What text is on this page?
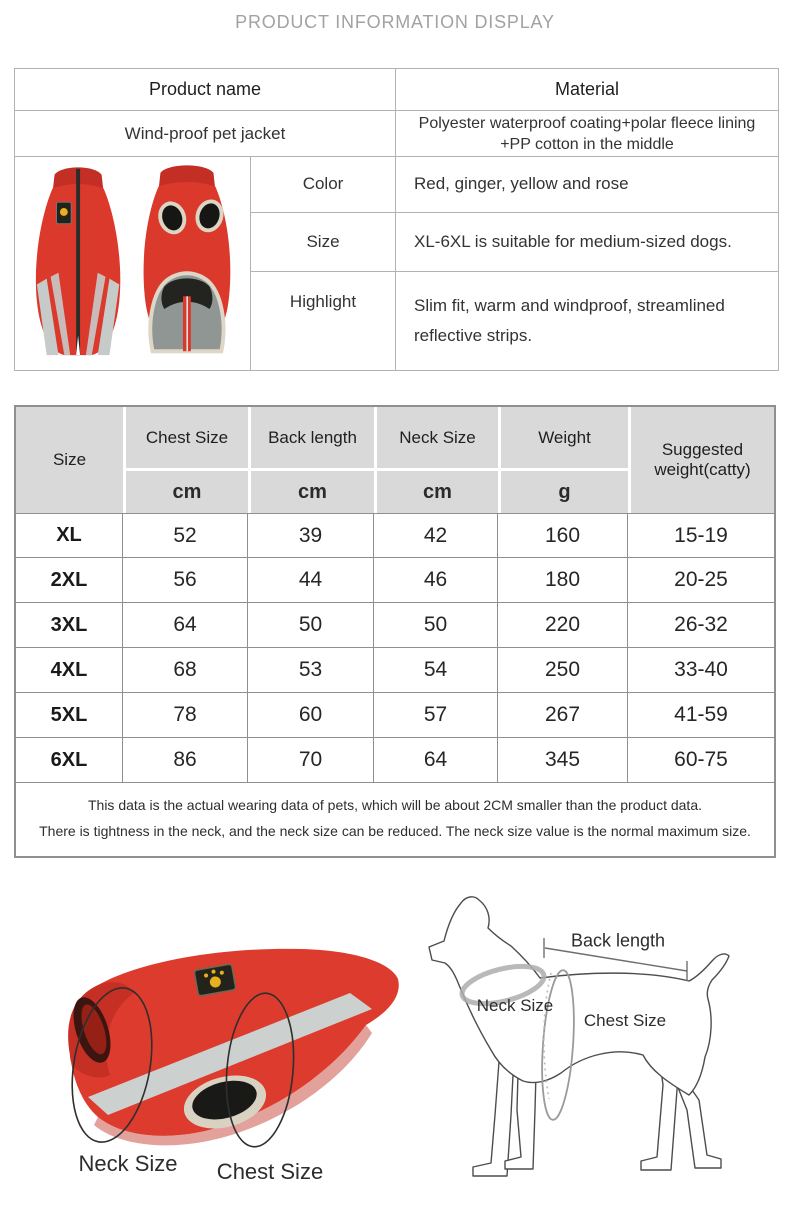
PRODUCT INFORMATION DISPLAY
Product name		Material
Wind-proof pet jacket		Polyester waterproof coating+polar fleece lining +PP cotton in the middle
	Color	Red, ginger, yellow and rose
	Size	XL-6XL is suitable for medium-sized dogs.
	Highlight	Slim fit, warm and windproof, streamlined reflective strips.
Size	Chest Size	Back length	Neck Size	Weight	Suggested weight(catty)
	cm	cm	cm	g	
XL	52	39	42	160	15-19
2XL	56	44	46	180	20-25
3XL	64	50	50	220	26-32
4XL	68	53	54	250	33-40
5XL	78	60	57	267	41-59
6XL	86	70	64	345	60-75

This data is the actual wearing data of pets, which will be about 2CM smaller than the product data.
There is tightness in the neck, and the neck size can be reduced. The neck size value is the normal maximum size.					
Neck Size Chest Size
Back length
Neck Size
Chest Size
